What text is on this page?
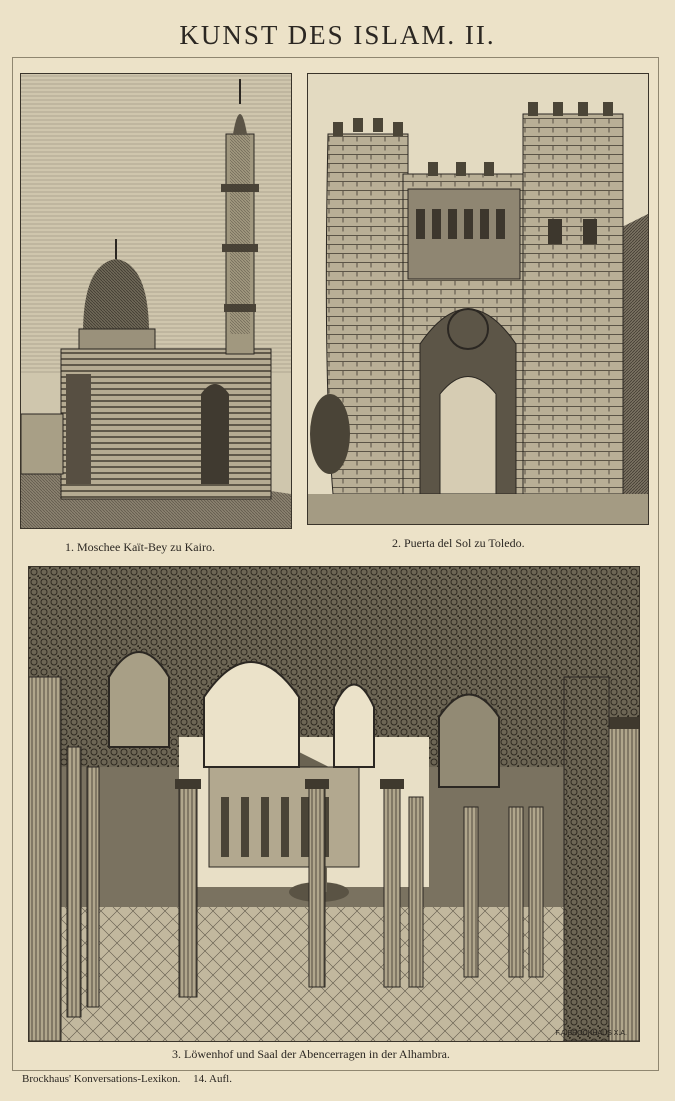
KUNST DES ISLAM. II.
1. Moschee Kaït-Bey zu Kairo.	2. Puerta del Sol zu Toledo.
F.A.BROCKHAUS X.A.
3. Löwenhof und Saal der Abencerragen in der Alhambra.
Brockhaus' Konversations-Lexikon. 14. Aufl.
